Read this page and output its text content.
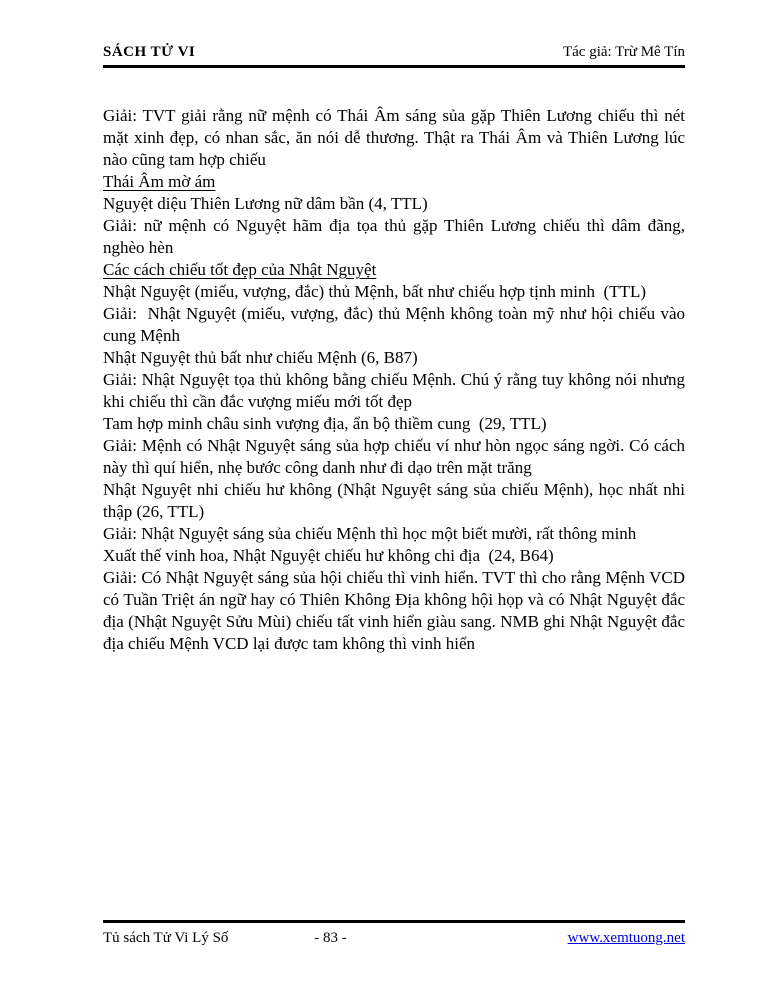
SÁCH TỬ VI	Tác giả: Trừ Mê Tín

Giải: TVT giải rằng nữ mệnh có Thái Âm sáng sủa gặp Thiên Lương chiếu thì nét mặt xinh đẹp, có nhan sắc, ăn nói dễ thương. Thật ra Thái Âm và Thiên Lương lúc nào cũng tam hợp chiếu

Thái Âm mờ ám

Nguyệt diệu Thiên Lương nữ dâm bần (4, TTL)

Giải: nữ mệnh có Nguyệt hãm địa tọa thủ gặp Thiên Lương chiếu thì dâm đãng, nghèo hèn

Các cách chiếu tốt đẹp của Nhật Nguyệt

Nhật Nguyệt (miếu, vượng, đắc) thủ Mệnh, bất như chiếu hợp tịnh minh  (TTL)

Giải:  Nhật Nguyệt (miếu, vượng, đắc) thủ Mệnh không toàn mỹ như hội chiếu vào cung Mệnh

Nhật Nguyệt thủ bất như chiếu Mệnh (6, B87)

Giải: Nhật Nguyệt tọa thủ không bằng chiếu Mệnh. Chú ý rằng tuy không nói nhưng khi chiếu thì cần đắc vượng miếu mới tốt đẹp

Tam hợp minh châu sinh vượng địa, ẩn bộ thiềm cung  (29, TTL)

Giải: Mệnh có Nhật Nguyệt sáng sủa hợp chiếu ví như hòn ngọc sáng ngời. Có cách này thì quí hiển, nhẹ bước công danh như đi dạo trên mặt trăng

Nhật Nguyệt nhi chiếu hư không (Nhật Nguyệt sáng sủa chiếu Mệnh), học nhất nhi thập (26, TTL)

Giải: Nhật Nguyệt sáng sủa chiếu Mệnh thì học một biết mười, rất thông minh

Xuất thế vinh hoa, Nhật Nguyệt chiếu hư không chi địa  (24, B64)

Giải: Có Nhật Nguyệt sáng sủa hội chiếu thì vinh hiển. TVT thì cho rằng Mệnh VCD có Tuần Triệt án ngữ hay có Thiên Không Địa không hội họp và có Nhật Nguyệt đắc địa (Nhật Nguyệt Sửu Mùi) chiếu tất vinh hiển giàu sang. NMB ghi Nhật Nguyệt đắc địa chiếu Mệnh VCD lại được tam không thì vinh hiển

Tủ sách Tử Vi Lý Số	- 83 -	www.xemtuong.net
